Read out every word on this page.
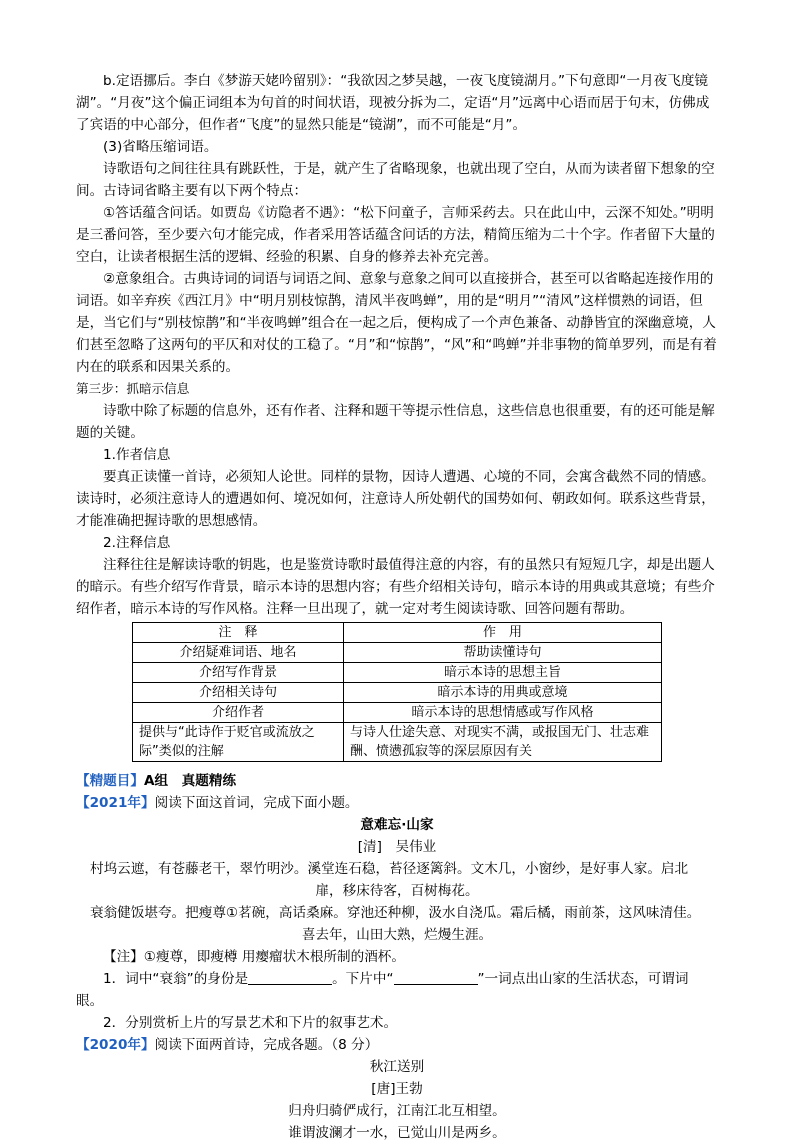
b.定语挪后。李白《梦游天姥吟留别》：“我欲因之梦吴越，一夜飞度镜湖月。”下句意即“一月夜飞度镜湖”。“月夜”这个偏正词组本为句首的时间状语，现被分拆为二，定语“月”远离中心语而居于句末，仿佛成了宾语的中心部分，但作者“飞度”的显然只能是“镜湖”，而不可能是“月”。

(3)省略压缩词语。

诗歌语句之间往往具有跳跃性，于是，就产生了省略现象，也就出现了空白，从而为读者留下想象的空间。古诗词省略主要有以下两个特点：

①答话蕴含问话。如贾岛《访隐者不遇》：“松下问童子，言师采药去。只在此山中，云深不知处。”明明是三番问答，至少要六句才能完成，作者采用答话蕴含问话的方法，精简压缩为二十个字。作者留下大量的空白，让读者根据生活的逻辑、经验的积累、自身的修养去补充完善。

②意象组合。古典诗词的词语与词语之间、意象与意象之间可以直接拼合，甚至可以省略起连接作用的词语。如辛弃疾《西江月》中“明月别枝惊鹊，清风半夜鸣蝉”，用的是“明月”“清风”这样惯熟的词语，但是，当它们与“别枝惊鹊”和“半夜鸣蝉”组合在一起之后，便构成了一个声色兼备、动静皆宜的深幽意境，人们甚至忽略了这两句的平仄和对仗的工稳了。“月”和“惊鹊”，“风”和“鸣蝉”并非事物的简单罗列，而是有着内在的联系和因果关系的。

第三步：抓暗示信息

诗歌中除了标题的信息外，还有作者、注释和题干等提示性信息，这些信息也很重要，有的还可能是解题的关键。

1.作者信息

要真正读懂一首诗，必须知人论世。同样的景物，因诗人遭遇、心境的不同，会寓含截然不同的情感。读诗时，必须注意诗人的遭遇如何、境况如何，注意诗人所处朝代的国势如何、朝政如何。联系这些背景，才能准确把握诗歌的思想感情。

2.注释信息

注释往往是解读诗歌的钥匙，也是鉴赏诗歌时最值得注意的内容，有的虽然只有短短几字，却是出题人的暗示。有些介绍写作背景，暗示本诗的思想内容；有些介绍相关诗句，暗示本诗的用典或其意境；有些介绍作者，暗示本诗的写作风格。注释一旦出现了，就一定对考生阅读诗歌、回答问题有帮助。

注　释	作　用
介绍疑难词语、地名	帮助读懂诗句
介绍写作背景	暗示本诗的思想主旨
介绍相关诗句	暗示本诗的用典或意境
介绍作者	暗示本诗的思想情感或写作风格
提供与“此诗作于贬官或流放之际”类似的注解	与诗人仕途失意、对现实不满，或报国无门、壮志难酬、愤懑孤寂等的深层原因有关

【精题目】A组　真题精练

【2021年】阅读下面这首词，完成下面小题。

意难忘·山家

[清]　吴伟业

村坞云遮，有苍藤老干，翠竹明沙。溪堂连石稳，苔径逐篱斜。文木几，小窗纱，是好事人家。启北

扉，移床待客，百树梅花。

衰翁健饭堪夸。把瘦尊①茗碗，高话桑麻。穿池还种柳，汲水自浇瓜。霜后橘，雨前茶，这风味清佳。

喜去年，山田大熟，烂熳生涯。

【注】①瘦尊，即瘦樽 用瘿瘤状木根所制的酒杯。

1．词中“衰翁”的身份是	。下片中“	”一词点出山家的生活状态，可谓词

眼。

2．分别赏析上片的写景艺术和下片的叙事艺术。

【2020年】阅读下面两首诗，完成各题。（8 分）

秋江送别

[唐]王勃

归舟归骑俨成行，江南江北互相望。

谁谓波澜才一水，已觉山川是两乡。
